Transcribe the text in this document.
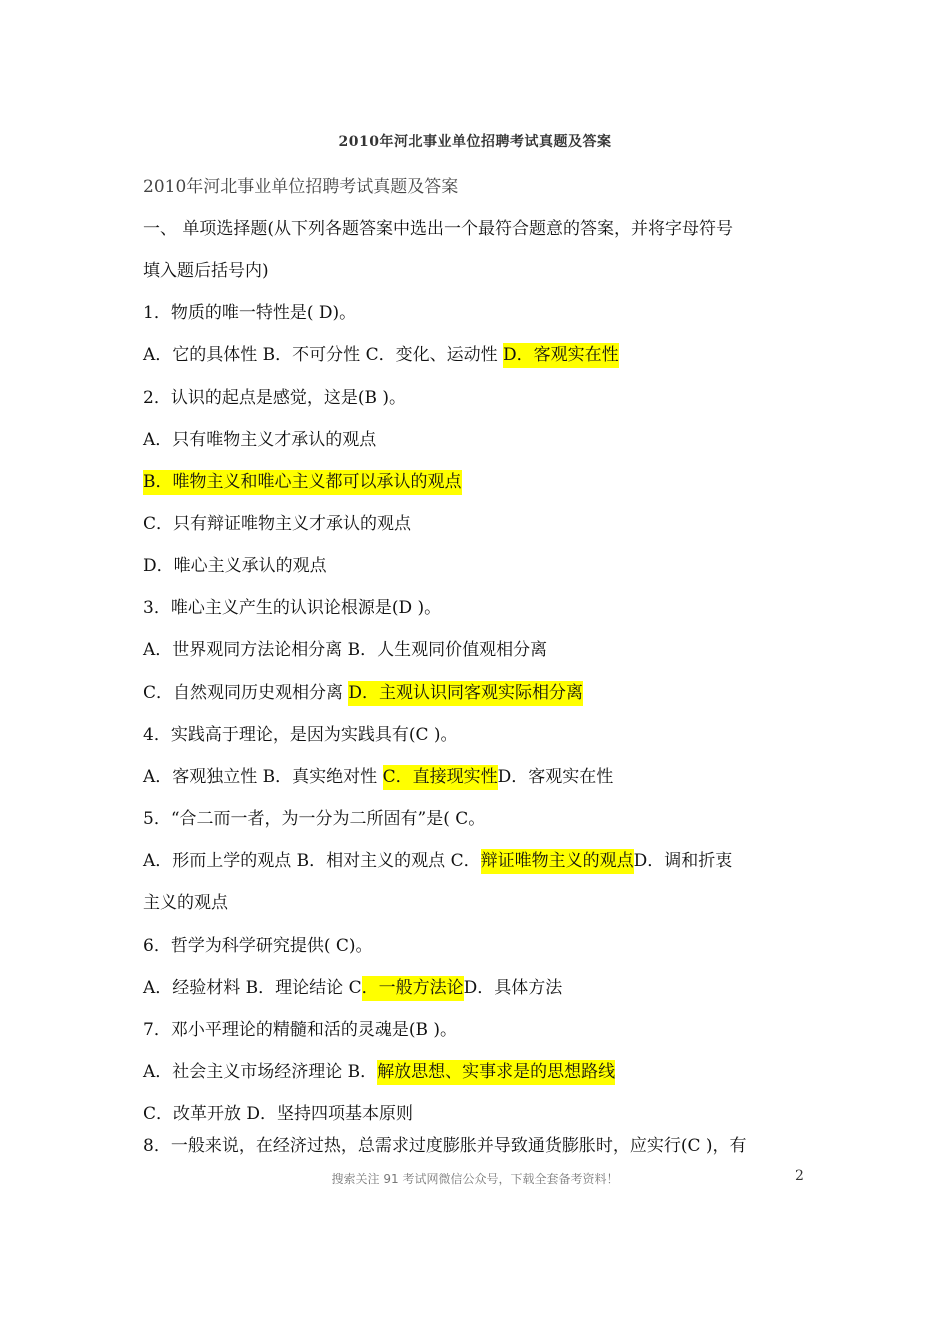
2010年河北事业单位招聘考试真题及答案
2010年河北事业单位招聘考试真题及答案
一、 单项选择题(从下列各题答案中选出一个最符合题意的答案，并将字母符号
填入题后括号内)
1．物质的唯一特性是( D)。
A．它的具体性 B．不可分性 C．变化、运动性 D．客观实在性
2．认识的起点是感觉，这是(B )。
A．只有唯物主义才承认的观点
B．唯物主义和唯心主义都可以承认的观点
C．只有辩证唯物主义才承认的观点
D．唯心主义承认的观点
3．唯心主义产生的认识论根源是(D )。
A．世界观同方法论相分离 B．人生观同价值观相分离
C．自然观同历史观相分离 D．主观认识同客观实际相分离
4．实践高于理论，是因为实践具有(C )。
A．客观独立性 B．真实绝对性 C．直接现实性D．客观实在性
5．“合二而一者，为一分为二所固有”是( C。
A．形而上学的观点 B．相对主义的观点 C．辩证唯物主义的观点D．调和折衷
主义的观点
6．哲学为科学研究提供( C)。
A．经验材料 B．理论结论 C．一般方法论D．具体方法
7．邓小平理论的精髓和活的灵魂是(B )。
A．社会主义市场经济理论 B．解放思想、实事求是的思想路线
C．改革开放 D．坚持四项基本原则
8．一般来说，在经济过热，总需求过度膨胀并导致通货膨胀时，应实行(C )，有
搜索关注 91 考试网微信公众号，下载全套备考资料！	2
